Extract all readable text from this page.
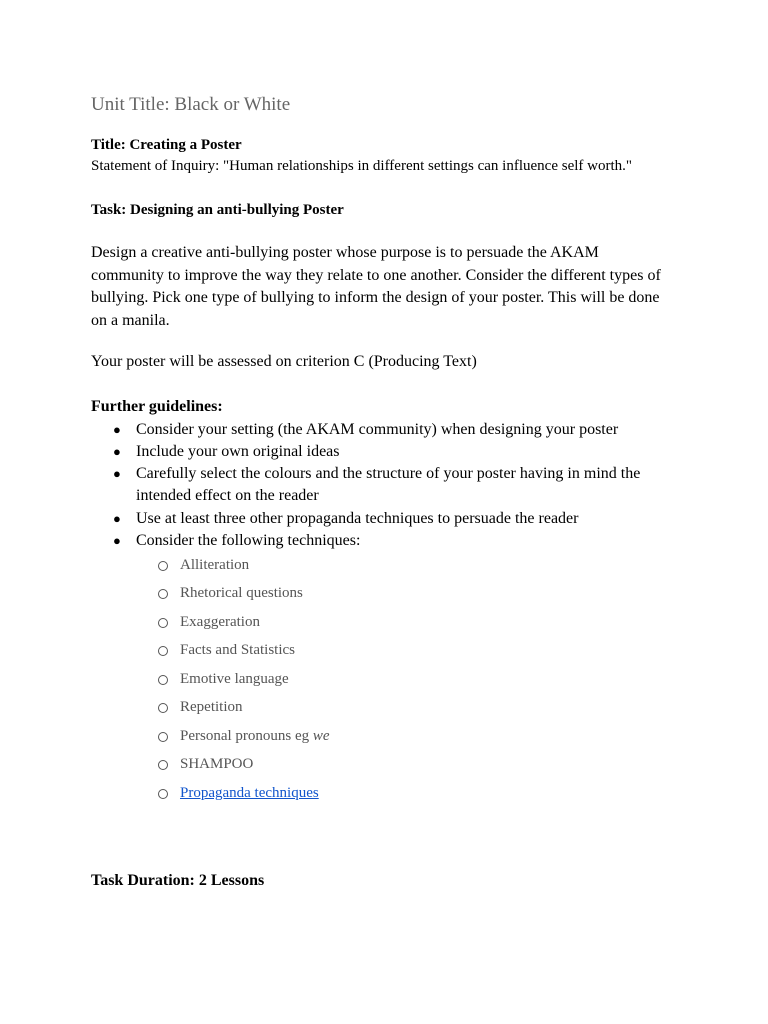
Unit Title: Black or White
Title: Creating a Poster
Statement of Inquiry: "Human relationships in different settings can influence self worth."
Task: Designing an anti-bullying Poster
Design a creative anti-bullying poster whose purpose is to persuade the AKAM
community to improve the way they relate to one another. Consider the different types of
bullying. Pick one type of bullying to inform the design of your poster. This will be done
on a manila.
Your poster will be assessed on criterion C (Producing Text)
Further guidelines:
● Consider your setting (the AKAM community) when designing your poster
● Include your own original ideas
● Carefully select the colours and the structure of your poster having in mind the
intended effect on the reader
● Use at least three other propaganda techniques to persuade the reader
● Consider the following techniques:
Alliteration
Rhetorical questions
Exaggeration
Facts and Statistics
Emotive language
Repetition
Personal pronouns eg we
SHAMPOO
Propaganda techniques
Task Duration: 2 Lessons
